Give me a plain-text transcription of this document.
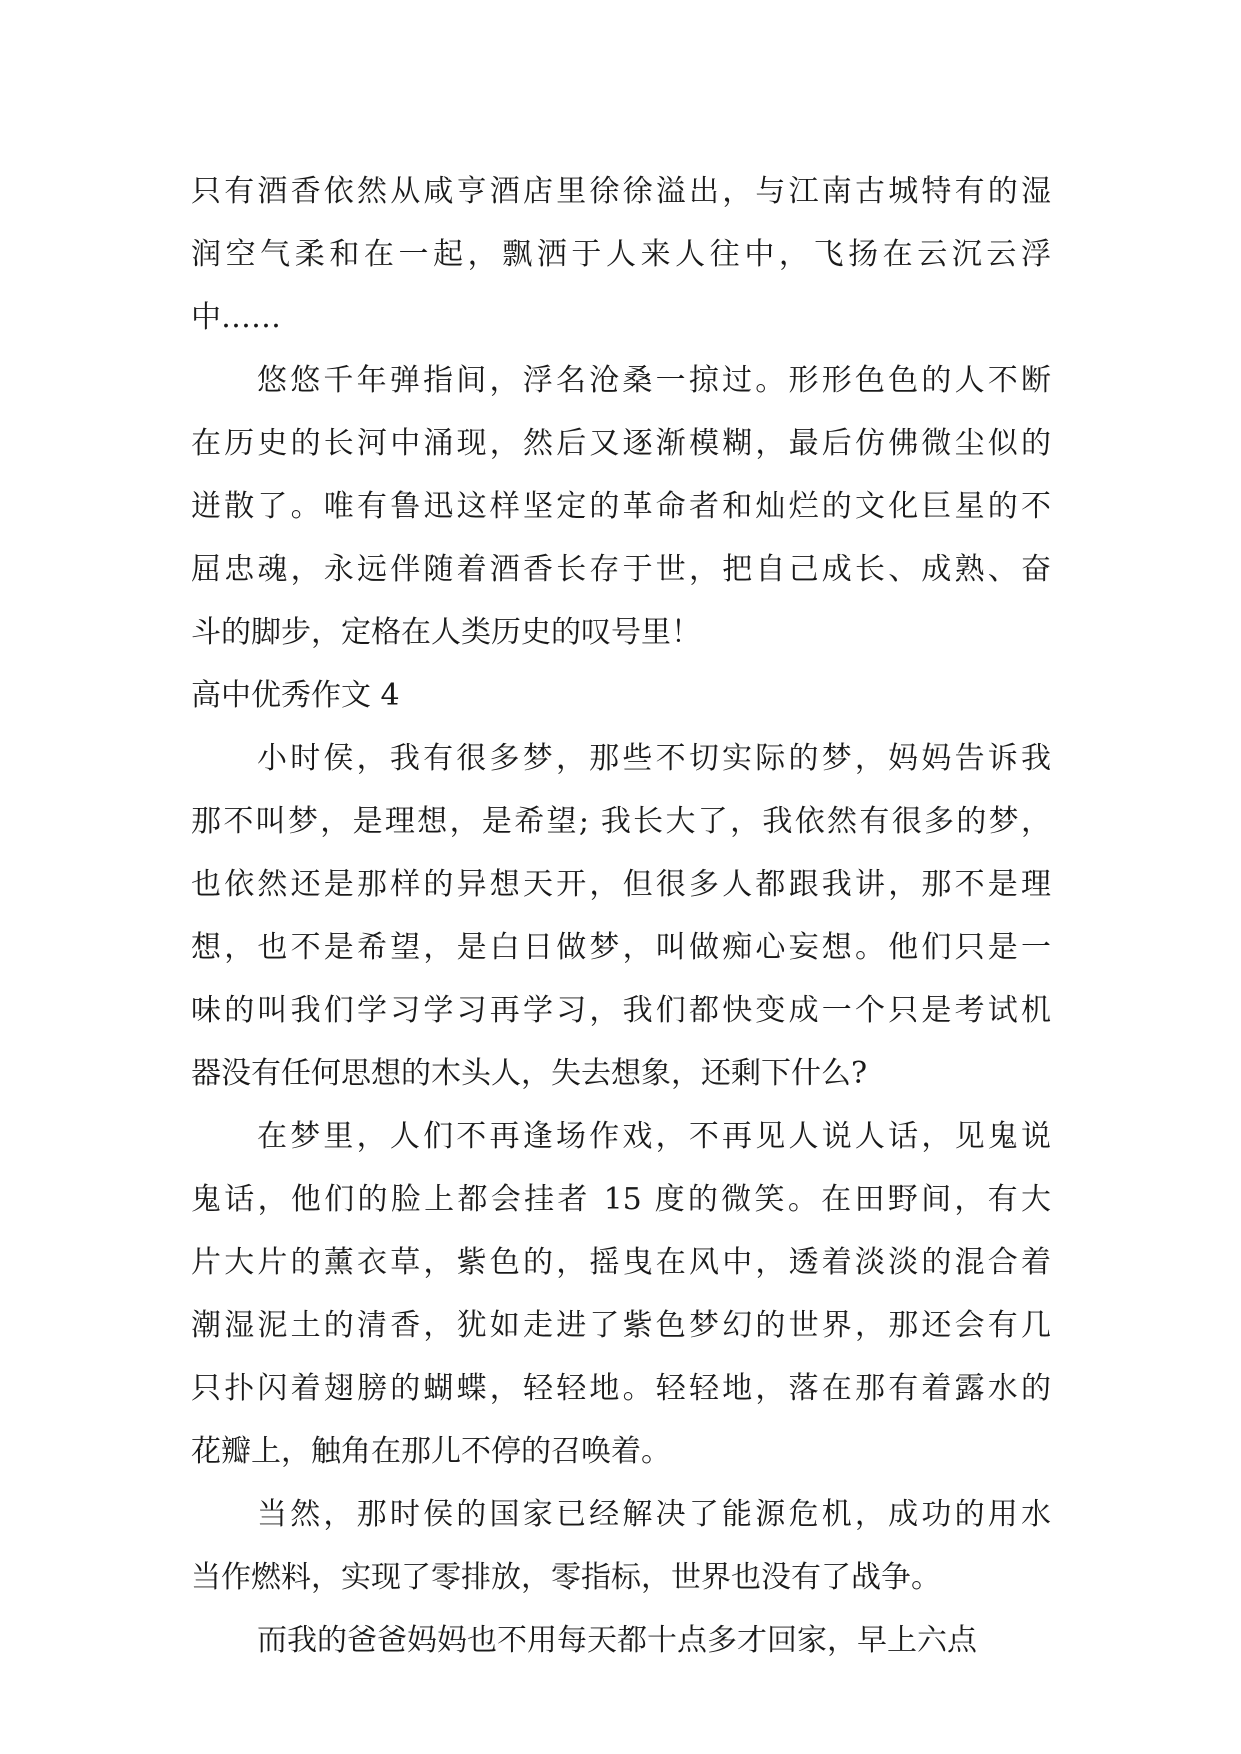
只有酒香依然从咸亨酒店里徐徐溢出，与江南古城特有的湿
润空气柔和在一起，飘洒于人来人往中，飞扬在云沉云浮
中……
悠悠千年弹指间，浮名沧桑一掠过。形形色色的人不断
在历史的长河中涌现，然后又逐渐模糊，最后仿佛微尘似的
迸散了。唯有鲁迅这样坚定的革命者和灿烂的文化巨星的不
屈忠魂，永远伴随着酒香长存于世，把自己成长、成熟、奋
斗的脚步，定格在人类历史的叹号里！
高中优秀作文 4
小时侯，我有很多梦，那些不切实际的梦，妈妈告诉我
那不叫梦，是理想，是希望; 我长大了，我依然有很多的梦，
也依然还是那样的异想天开，但很多人都跟我讲，那不是理
想，也不是希望，是白日做梦，叫做痴心妄想。他们只是一
味的叫我们学习学习再学习，我们都快变成一个只是考试机
器没有任何思想的木头人，失去想象，还剩下什么?
在梦里，人们不再逢场作戏，不再见人说人话，见鬼说
鬼话，他们的脸上都会挂者 15 度的微笑。在田野间，有大
片大片的薰衣草，紫色的，摇曳在风中，透着淡淡的混合着
潮湿泥土的清香，犹如走进了紫色梦幻的世界，那还会有几
只扑闪着翅膀的蝴蝶，轻轻地。轻轻地，落在那有着露水的
花瓣上，触角在那儿不停的召唤着。
当然，那时侯的国家已经解决了能源危机，成功的用水
当作燃料，实现了零排放，零指标，世界也没有了战争。
而我的爸爸妈妈也不用每天都十点多才回家，早上六点
